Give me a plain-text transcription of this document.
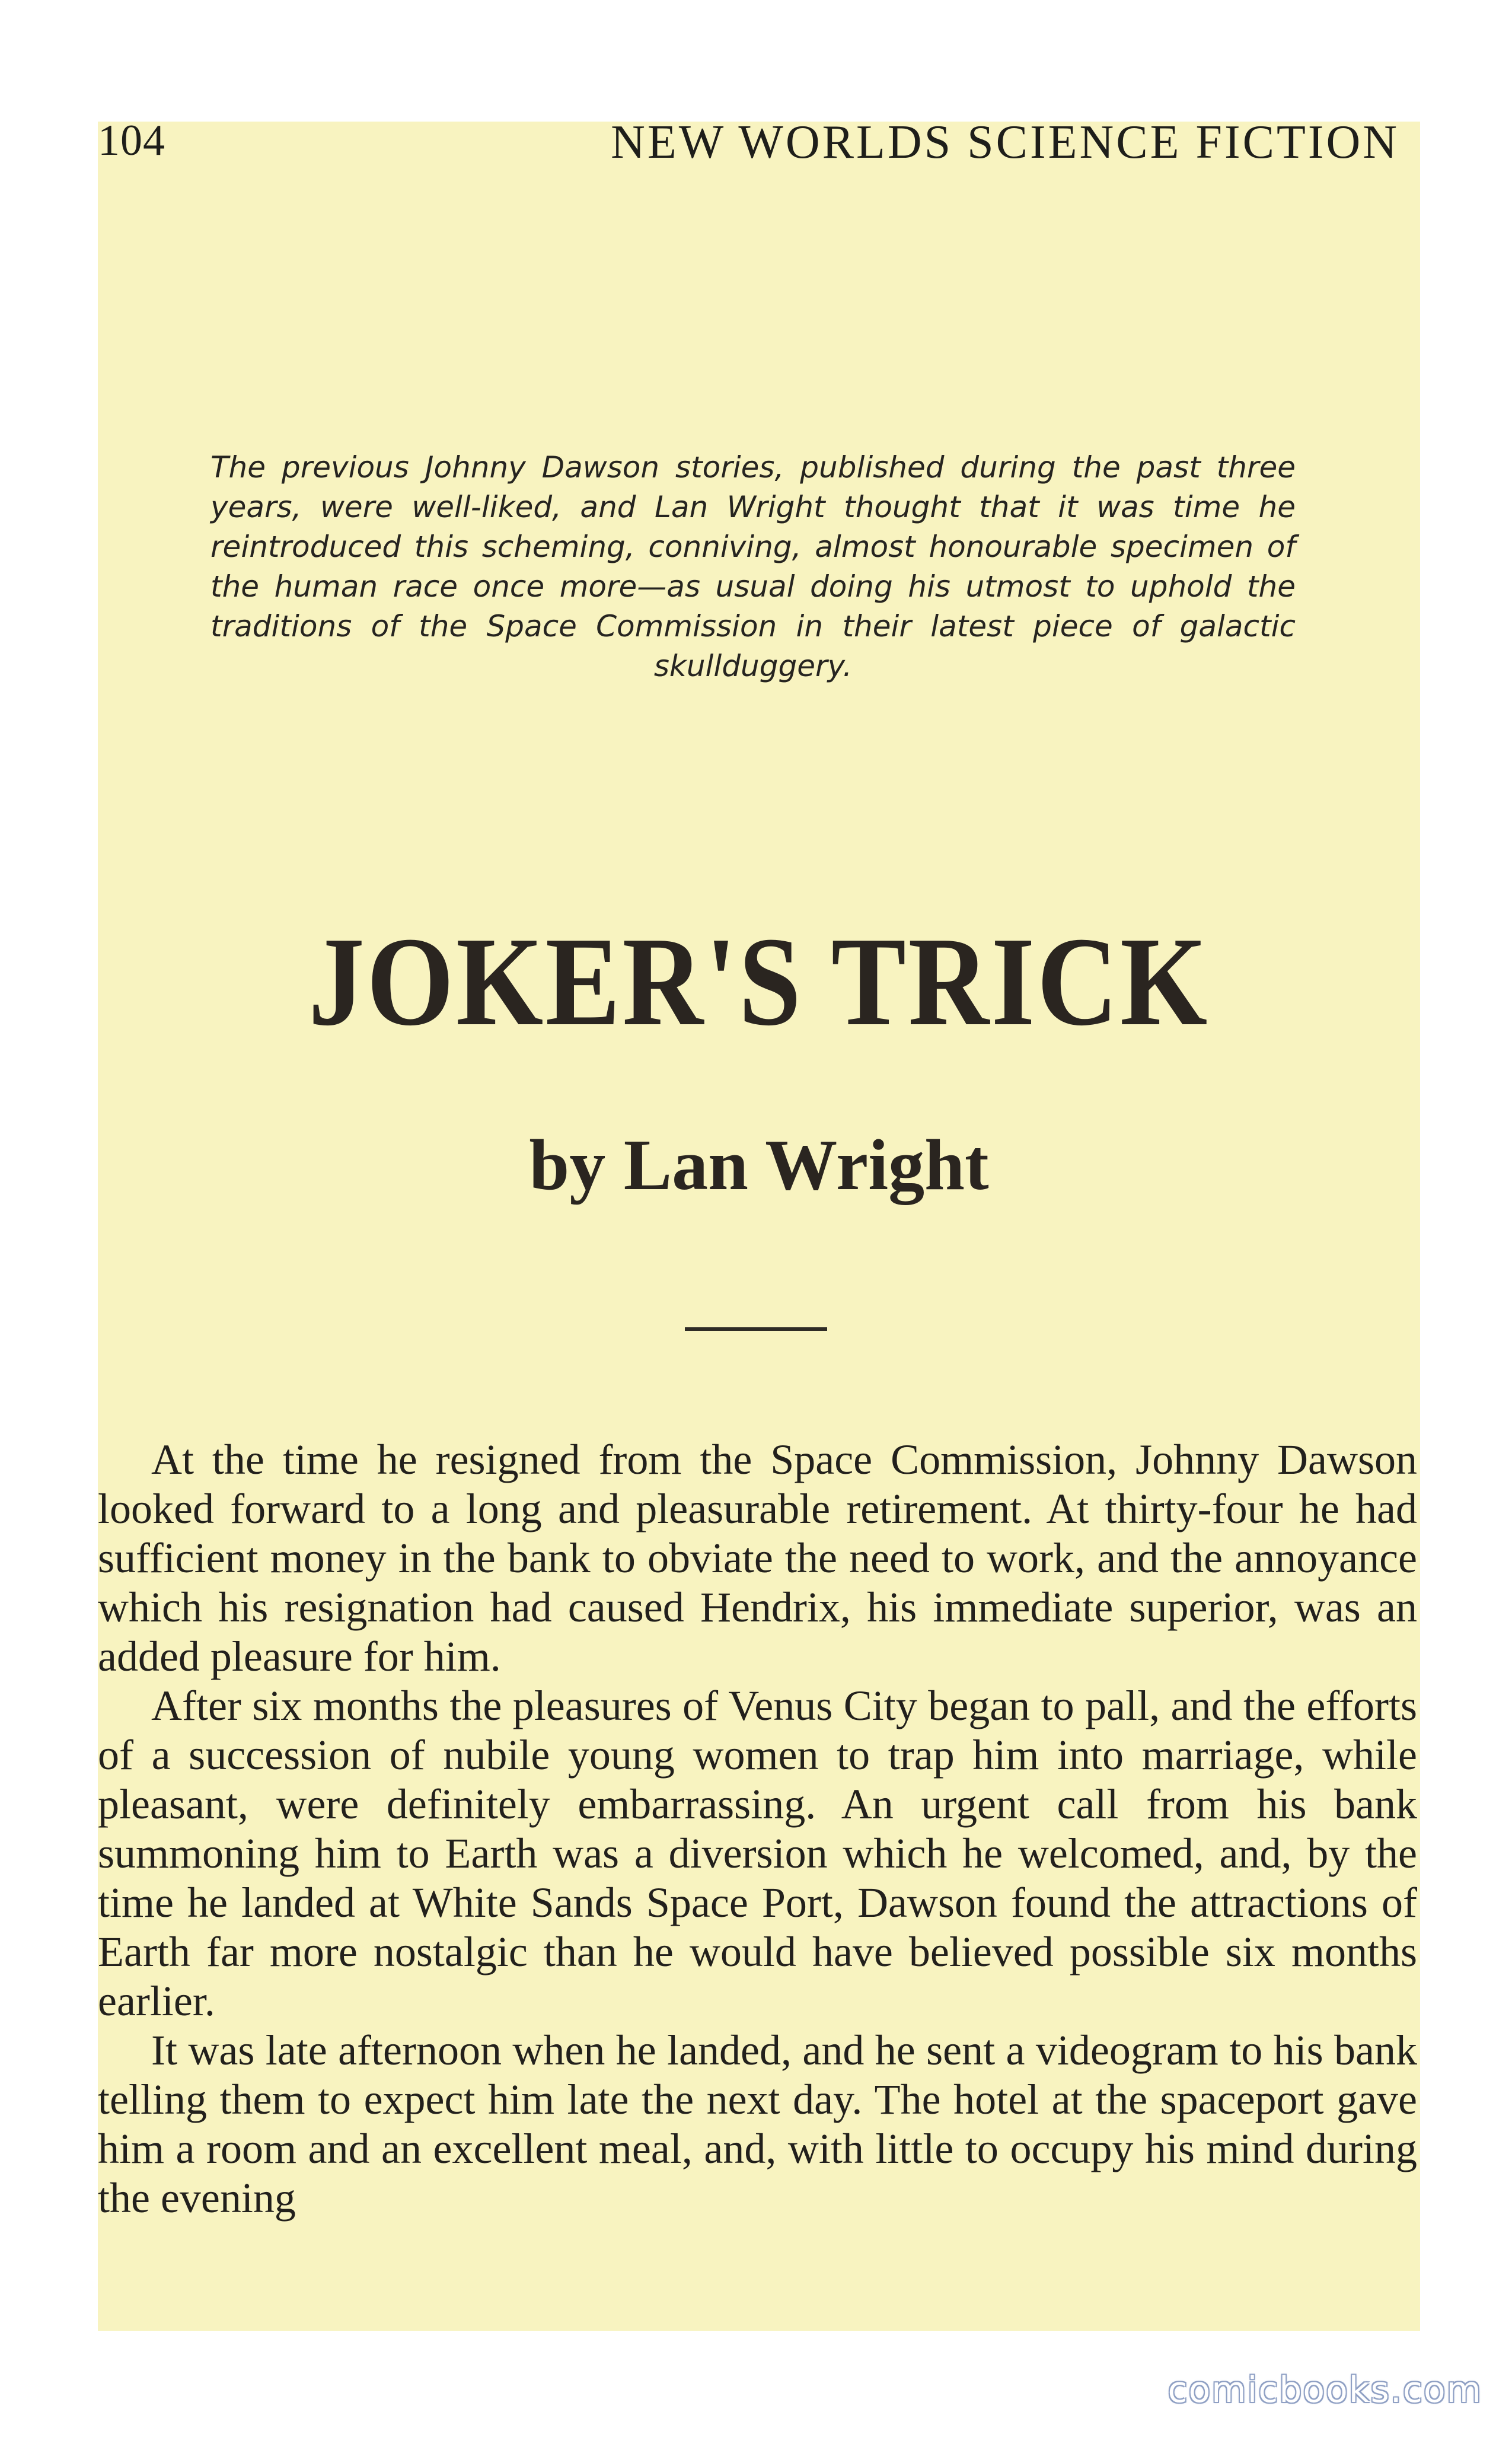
104	NEW WORLDS SCIENCE FICTION
The previous Johnny Dawson stories, published during the past three years, were well-liked, and Lan Wright thought that it was time he reintroduced this scheming, conniving, almost honourable specimen of the human race once more—as usual doing his utmost to uphold the traditions of the Space Commission in their latest piece of galactic skullduggery.
JOKER'S TRICK
by Lan Wright

At the time he resigned from the Space Commission, Johnny Dawson looked forward to a long and pleasurable retirement. At thirty-four he had sufficient money in the bank to obviate the need to work, and the annoyance which his resignation had caused Hendrix, his immediate superior, was an added pleasure for him.

After six months the pleasures of Venus City began to pall, and the efforts of a succession of nubile young women to trap him into marriage, while pleasant, were definitely embarrassing. An urgent call from his bank summoning him to Earth was a diversion which he welcomed, and, by the time he landed at White Sands Space Port, Dawson found the attractions of Earth far more nostalgic than he would have believed possible six months earlier.

It was late afternoon when he landed, and he sent a videogram to his bank telling them to expect him late the next day. The hotel at the spaceport gave him a room and an excellent meal, and, with little to occupy his mind during the evening

comicbooks.com
